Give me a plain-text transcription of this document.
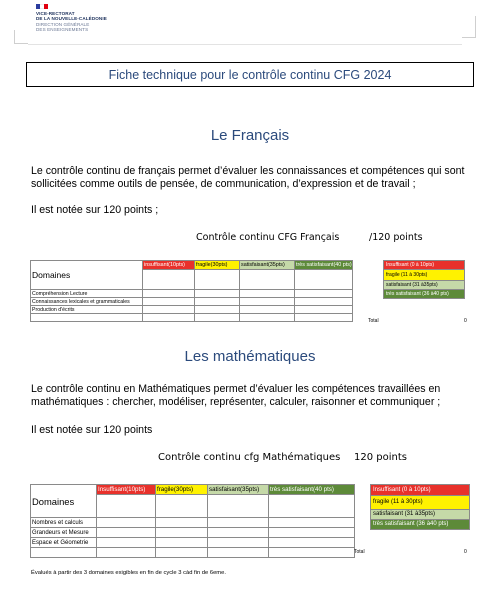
VICE-RECTORAT
DE LA NOUVELLE-CALÉDONIE
DIRECTION GÉNÉRALE
DES ENSEIGNEMENTS
Fiche technique pour le contrôle continu CFG 2024
Le Français
Le contrôle continu de français permet d’évaluer les connaissances et compétences qui sont sollicitées comme outils de pensée, de communication, d’expression et de travail ;
Il est notée sur 120 points ;
Contrôle continu CFG Français	/120 points
Domaines	insuffisant(10pts)	fragile(30pts)	satisfaisant(35pts)	très satisfaisant(40 pts)

Compréhension Lecture				
Connaissances lexicales et grammaticales				
Production d'écrits				

Insuffisant (0 à 10pts)
fragile (11 à 30pts)
satisfaisant (31 à35pts)
très satisfaisant (36 à40 pts)
Total	0
Les mathématiques
Le contrôle continu en Mathématiques permet d’évaluer les compétences travaillées en mathématiques : chercher, modéliser, représenter, calculer, raisonner et communiquer ;
Il est notée sur 120 points
Contrôle continu cfg Mathématiques 120 points
Domaines	Insuffisant(10pts)	fragile(30pts)	satisfaisant(35pts)	très satisfaisant(40 pts)

Nombres et calculs				
Grandeurs et Mesure				
Espace et Géometrie				

Insuffisant (0 à 10pts)
fragile (11 à 30pts)
satisfaisant (31 à35pts)
très satisfaisant (36 à40 pts)
Total	0
Évalués à partir des 3 domaines exigibles en fin de cycle 3 càd fin de 6eme.
